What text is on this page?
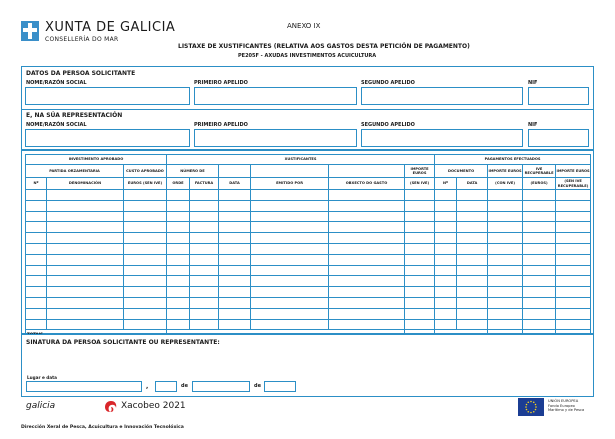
XUNTA DE GALICIA
CONSELLERÍA DO MAR
ANEXO IX
LISTAXE DE XUSTIFICANTES (RELATIVA AOS GASTOS DESTA PETICIÓN DE PAGAMENTO)
PE205F - AXUDAS INVESTIMENTOS ACUICULTURA
DATOS DA PERSOA SOLICITANTE
NOME/RAZÓN SOCIAL	PRIMEIRO APELIDO	SEGUNDO APELIDO	NIF
E, NA SÚA REPRESENTACIÓN
NOME/RAZÓN SOCIAL	PRIMEIRO APELIDO	SEGUNDO APELIDO	NIF
INVESTIMENTO APROBADO			XUSTIFICANTES						PAGAMENTOS EFECTUADOS				
PARTIDA ORZAMENTARIA		CUSTO APROBADO	NÚMERO DE					IMPORTE EUROS	DOCUMENTO		IMPORTE EUROS	IVE RECUPERABLE	IMPORTE EUROS
Nº	DENOMINACIÓN	EUROS (SEN IVE)	ORDE	FACTURA	DATA	EMITIDO POR	OBXECTO DO GASTO	(SEN IVE)	Nº	DATA	(CON IVE)	(EUROS)	(SEN IVE RECUPERABLE)

SINATURA DA PERSOA SOLICITANTE OU REPRESENTANTE:
Lugar e data
,	de	de
galicia	Xacobeo 2021	UNIÓN EUROPEA
Fondo Europeo
Marítimo y de Pesca
Dirección Xeral de Pesca, Acuicultura e Innovación Tecnolóxica
